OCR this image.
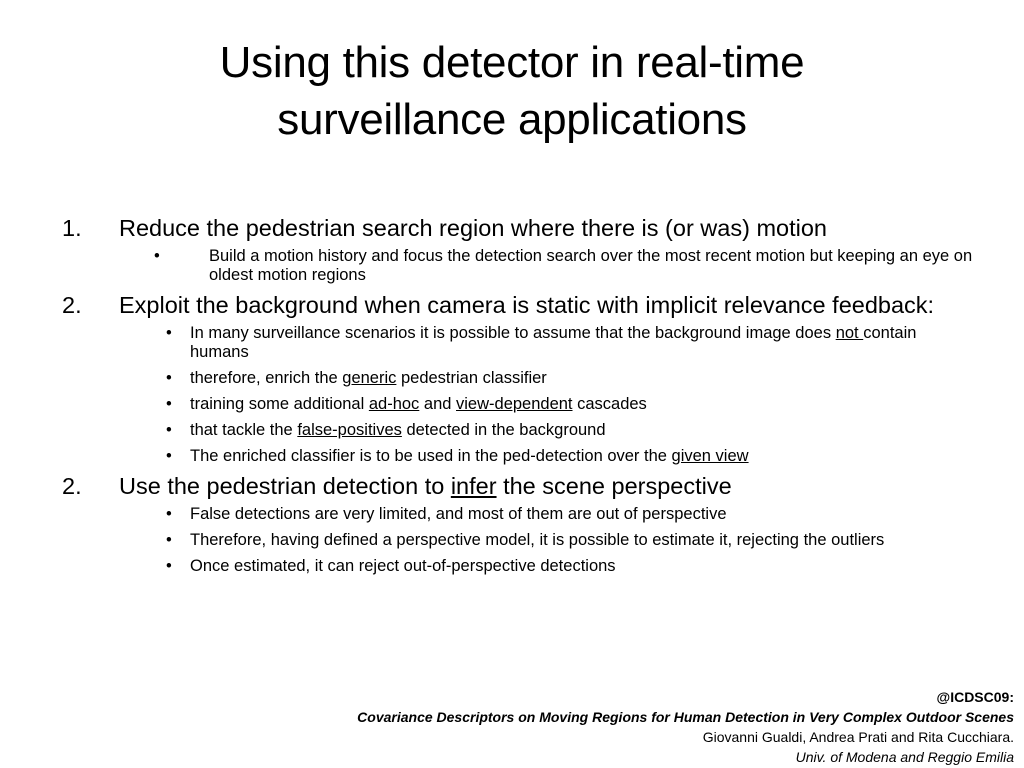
Using this detector in real-time
surveillance applications
1. Reduce the pedestrian search region where there is (or was) motion
•	Build a motion history and focus the detection search over the most recent motion but keeping an eye on oldest motion regions
2. Exploit the background when camera is static with implicit relevance feedback:
• In many surveillance scenarios it is possible to assume that the background image does not contain humans
• therefore, enrich the generic pedestrian classifier
• training some additional ad-hoc and view-dependent cascades
• that tackle the false-positives detected in the background
• The enriched classifier is to be used in the ped-detection over the given view
2. Use the pedestrian detection to infer the scene perspective
• False detections are very limited, and most of them are out of perspective
• Therefore, having defined a perspective model, it is possible to estimate it, rejecting the outliers
• Once estimated, it can reject out-of-perspective detections
@ICDSC09:
Covariance Descriptors on Moving Regions for Human Detection in Very Complex Outdoor Scenes
Giovanni Gualdi, Andrea Prati and Rita Cucchiara.
Univ. of Modena and Reggio Emilia
